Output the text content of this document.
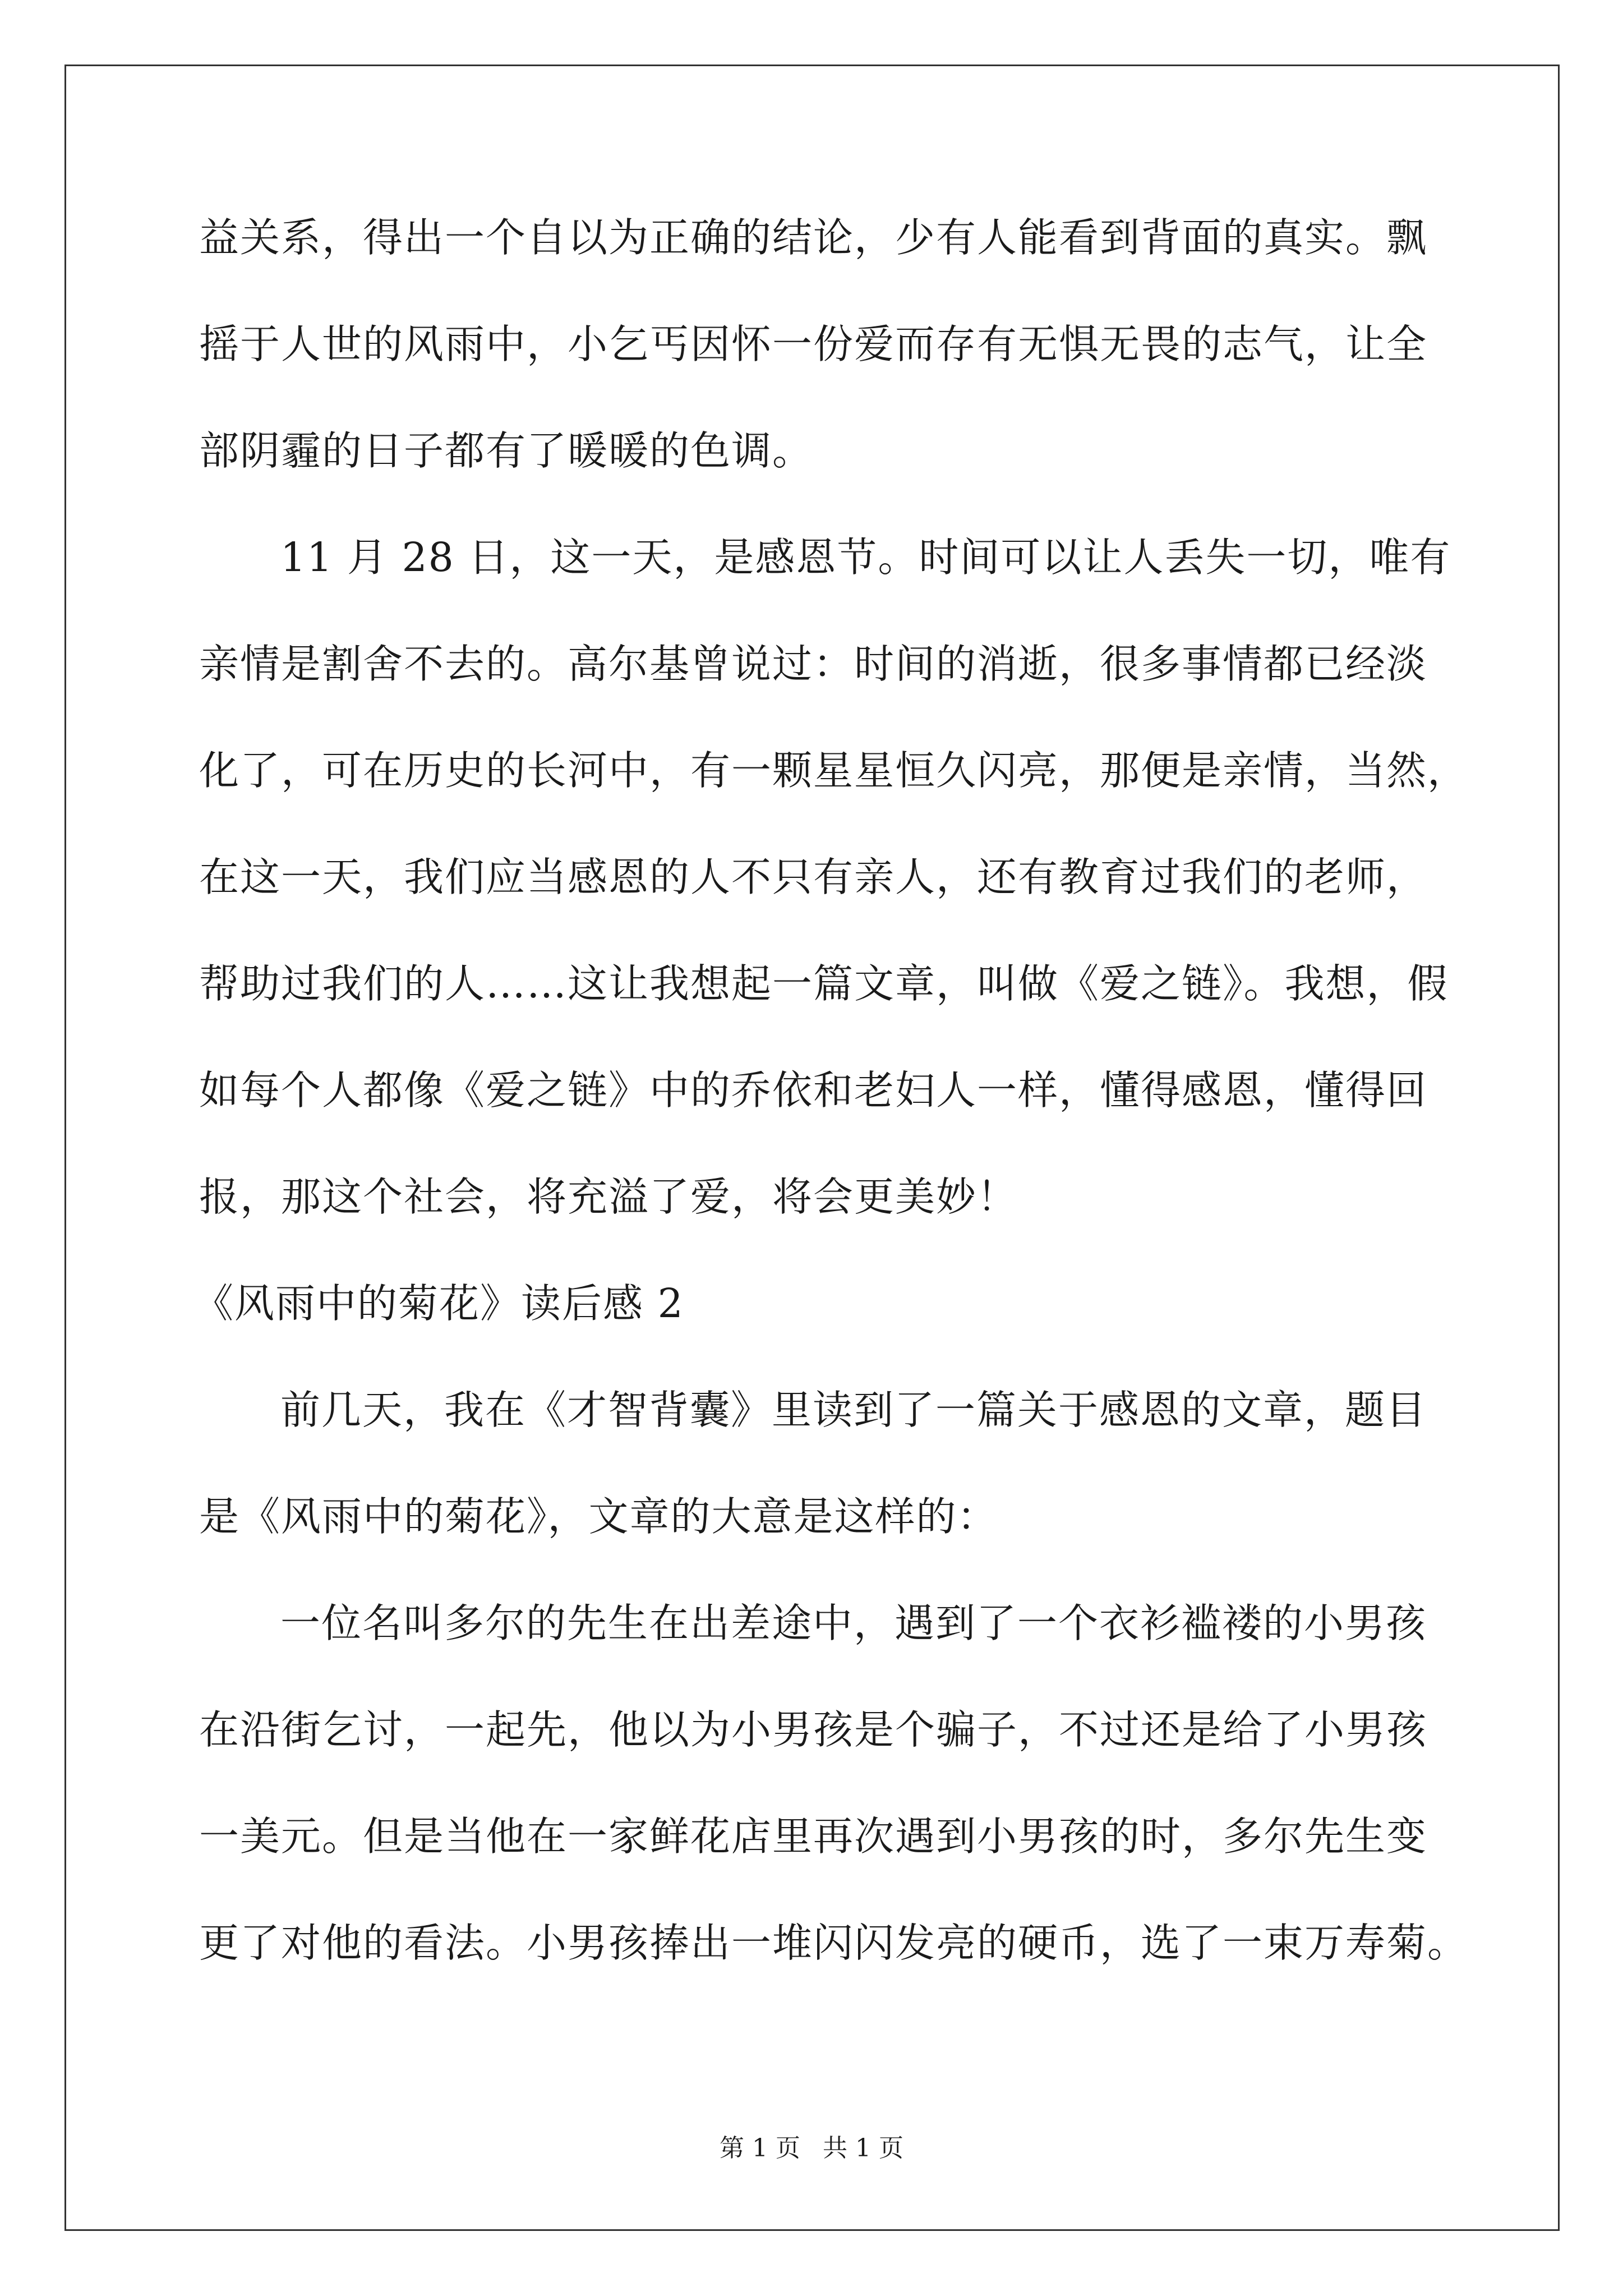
益关系，得出一个自以为正确的结论，少有人能看到背面的真实。飘
摇于人世的风雨中，小乞丐因怀一份爱而存有无惧无畏的志气，让全
部阴霾的日子都有了暖暖的色调。
11 月 28 日，这一天，是感恩节。时间可以让人丢失一切，唯有
亲情是割舍不去的。高尔基曾说过：时间的消逝，很多事情都已经淡
化了，可在历史的长河中，有一颗星星恒久闪亮，那便是亲情，当然，
在这一天，我们应当感恩的人不只有亲人，还有教育过我们的老师，
帮助过我们的人……这让我想起一篇文章，叫做《爱之链》。我想，假
如每个人都像《爱之链》中的乔依和老妇人一样，懂得感恩，懂得回
报，那这个社会，将充溢了爱，将会更美妙！
《风雨中的菊花》读后感 2
前几天，我在《才智背囊》里读到了一篇关于感恩的文章，题目
是《风雨中的菊花》，文章的大意是这样的：
一位名叫多尔的先生在出差途中，遇到了一个衣衫褴褛的小男孩
在沿街乞讨，一起先，他以为小男孩是个骗子，不过还是给了小男孩
一美元。但是当他在一家鲜花店里再次遇到小男孩的时，多尔先生变
更了对他的看法。小男孩捧出一堆闪闪发亮的硬币，选了一束万寿菊。
第 1 页 共 1 页
